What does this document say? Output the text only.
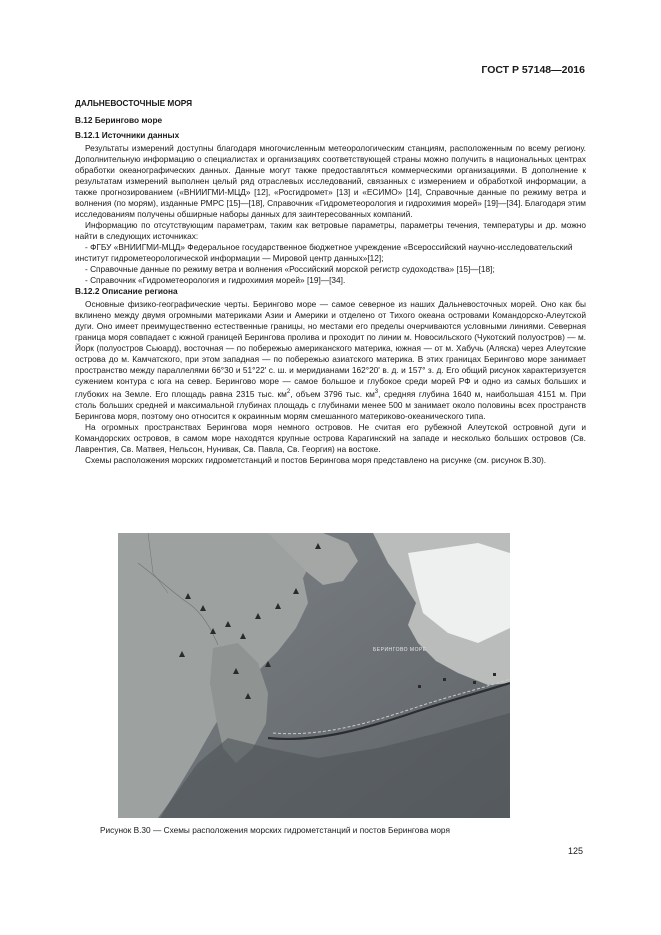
ГОСТ Р 57148—2016

ДАЛЬНЕВОСТОЧНЫЕ МОРЯ

В.12 Берингово море

В.12.1 Источники данных

Результаты измерений доступны благодаря многочисленным метеорологическим станциям, расположенным по всему региону. Дополнительную информацию о специалистах и организациях соответствующей страны можно получить в национальных центрах обработки океанографических данных. Данные могут также предоставляться коммерческими организациями. В дополнение к результатам измерений выполнен целый ряд отраслевых исследований, связанных с измерением и обработкой информации, а также прогнозированием («ВНИИГМИ-МЦД» [12], «Росгидромет» [13] и «ЕСИМО» [14], Справочные данные по режиму ветра и волнения (по морям), изданные РМРС [15]—[18], Справочник «Гидрометеорология и гидрохимия морей» [19]—[34]. Благодаря этим исследованиям получены обширные наборы данных для заинтересованных компаний.

Информацию по отсутствующим параметрам, таким как ветровые параметры, параметры течения, температуры и др. можно найти в следующих источниках:

- ФГБУ «ВНИИГМИ-МЦД» Федеральное государственное бюджетное учреждение «Всероссийский научно-исследовательский институт гидрометеорологической информации — Мировой центр данных»[12];
- Справочные данные по режиму ветра и волнения «Российский морской регистр судоходства» [15]—[18];
- Справочник «Гидрометеорология и гидрохимия морей» [19]—[34].

В.12.2 Описание региона

Основные физико-географические черты. Берингово море — самое северное из наших Дальневосточных морей. Оно как бы вклинено между двумя огромными материками Азии и Америки и отделено от Тихого океана островами Командорско-Алеутской дуги. Оно имеет преимущественно естественные границы, но местами его пределы очерчиваются условными линиями. Северная граница моря совпадает с южной границей Берингова пролива и проходит по линии м. Новосильского (Чукотский полуостров) — м. Йорк (полуостров Сьюард), восточная — по побережью американского материка, южная — от м. Хабучь (Аляска) через Алеутские острова до м. Камчатского, при этом западная — по побережью азиатского материка. В этих границах Берингово море занимает пространство между параллелями 66°30 и 51°22' с. ш. и меридианами 162°20' в. д. и 157° з. д. Его общий рисунок характеризуется сужением контура с юга на север. Берингово море — самое большое и глубокое среди морей РФ и одно из самых больших и глубоких на Земле. Его площадь равна 2315 тыс. $км^2$, объем 3796 тыс. $км^3$, средняя глубина 1640 м, наибольшая 4151 м. При столь больших средней и максимальной глубинах площадь с глубинами менее 500 м занимает около половины всех пространств Берингова моря, поэтому оно относится к окраинным морям смешанного материково-океанического типа.

На огромных пространствах Берингова моря немного островов. Не считая его рубежной Алеутской островной дуги и Командорских островов, в самом море находятся крупные острова Карагинский на западе и несколько больших островов (Св. Лаврентия, Св. Матвея, Нельсон, Нунивак, Св. Павла, Св. Георгия) на востоке.

Схемы расположения морских гидрометстанций и постов Берингова моря представлено на рисунке (см. рисунок В.30).

БЕРИНГОВО МОРЕ
Рисунок В.30 — Схемы расположения морских гидрометстанций и постов Берингова моря
125
